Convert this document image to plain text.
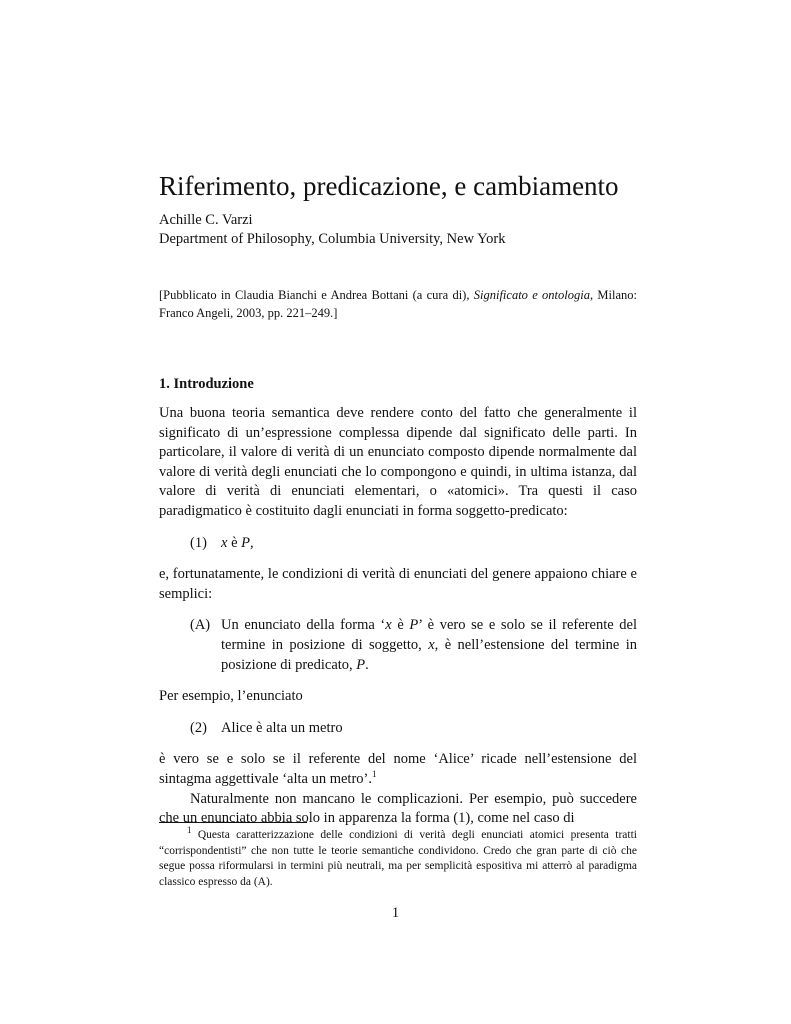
Riferimento, predicazione, e cambiamento
Achille C. Varzi
Department of Philosophy, Columbia University, New York
[Pubblicato in Claudia Bianchi e Andrea Bottani (a cura di), Significato e ontologia, Milano: Franco Angeli, 2003, pp. 221–249.]
1. Introduzione

Una buona teoria semantica deve rendere conto del fatto che generalmente il significato di un’espressione complessa dipende dal significato delle parti. In particolare, il valore di verità di un enunciato composto dipende normalmente dal valore di verità degli enunciati che lo compongono e quindi, in ultima istanza, dal valore di verità di enunciati elementari, o «atomici». Tra questi il caso paradigmatico è costituito dagli enunciati in forma soggetto-predicato:

(1) x è P,

e, fortunatamente, le condizioni di verità di enunciati del genere appaiono chiare e semplici:

(A) Un enunciato della forma ‘x è P’ è vero se e solo se il referente del termine in posizione di soggetto, x, è nell’estensione del termine in posizione di predicato, P.

Per esempio, l’enunciato

(2) Alice è alta un metro

è vero se e solo se il referente del nome ‘Alice’ ricade nell’estensione del sintagma aggettivale ‘alta un metro’.$^1$

Naturalmente non mancano le complicazioni. Per esempio, può succedere che un enunciato abbia solo in apparenza la forma (1), come nel caso di

$^1$ Questa caratterizzazione delle condizioni di verità degli enunciati atomici presenta tratti “corrispondentisti” che non tutte le teorie semantiche condividono. Credo che gran parte di ciò che segue possa riformularsi in termini più neutrali, ma per semplicità espositiva mi atterrò al paradigma classico espresso da (A).
1
